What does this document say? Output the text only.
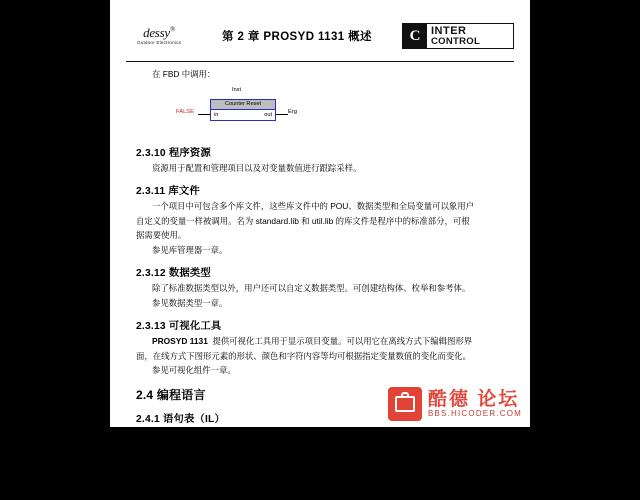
dessy®
Outdoor Electronics	第 2 章 PROSYD 1131 概述	C INTER
CONTROL
在 FBD 中调用：
Inst
Counter Reset
in	out
FALSE	Erg
2.3.10 程序资源

资源用于配置和管理项目以及对变量数值进行跟踪采样。

2.3.11 库文件

一个项目中可包含多个库文件，这些库文件中的 POU、数据类型和全局变量可以象用户

自定义的变量一样被调用。名为 standard.lib 和 util.lib 的库文件是程序中的标准部分，可根

据需要使用。

参见库管理器一章。

2.3.12 数据类型

除了标准数据类型以外，用户还可以自定义数据类型。可创建结构体、枚举和参考体。

参见数据类型一章。

2.3.13 可视化工具

PROSYD 1131  提供可视化工具用于显示项目变量。可以用它在离线方式下编辑图形界

面，在线方式下图形元素的形状、颜色和字符内容等均可根据指定变量数值的变化而变化。

参见可视化组件一章。

2.4 编程语言
2.4.1 语句表（IL）

语句表是即(IL)包含了一系列的指令。每条指令占一行，包含一个运算符，根据运算功能

的不同还会含有一个或多个运算数，运算数之间用逗号隔开。

指令之前会有一个识别标志（标签）和一个冒号（：）。

注释文字放在一行的最后。指令行之间可以插入空行。

例如：

酷德 论坛
BBS.HICODER.COM
